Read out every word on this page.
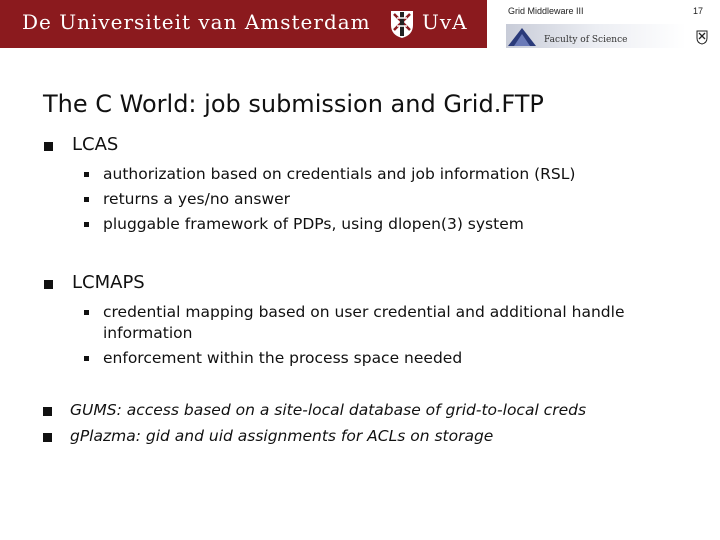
De Universiteit van Amsterdam	UvA	Grid Middleware III	17
Faculty of Science
The C World: job submission and Grid.FTP
LCAS
authorization based on credentials and job information (RSL)
returns a yes/no answer
pluggable framework of PDPs, using dlopen(3) system
LCMAPS
credential mapping based on user credential and additional handle information
enforcement within the process space needed
GUMS: access based on a site-local database of grid-to-local creds
gPlazma: gid and uid assignments for ACLs on storage
